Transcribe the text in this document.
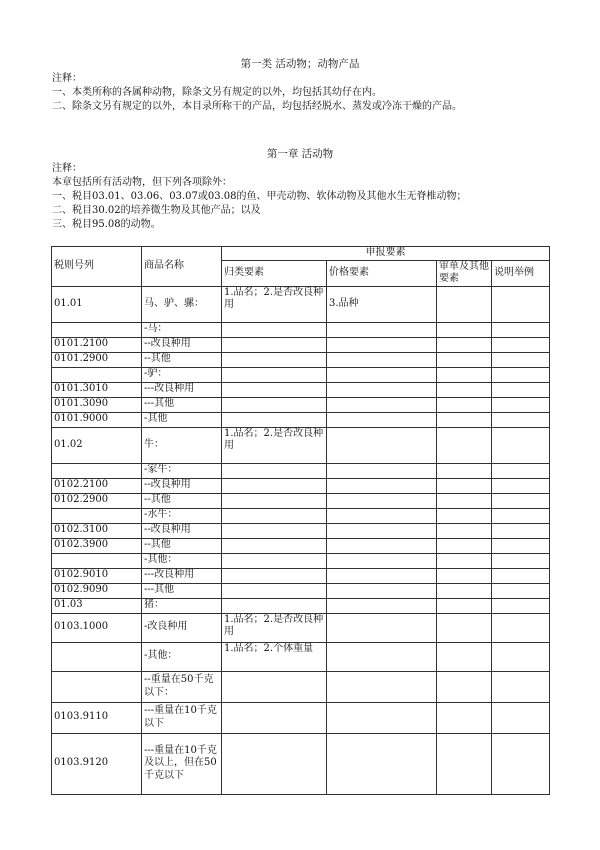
第一类 活动物；动物产品

注释：

一、本类所称的各属种动物，除条文另有规定的以外，均包括其幼仔在内。

二、除条文另有规定的以外，本目录所称干的产品，均包括经脱水、蒸发或冷冻干燥的产品。

第一章 活动物

注释：

本章包括所有活动物，但下列各项除外：

一、税目03.01、03.06、03.07或03.08的鱼、甲壳动物、软体动物及其他水生无脊椎动物；

二、税目30.02的培养微生物及其他产品；以及

三、税目95.08的动物。

税则号列	商品名称	申报要素			
		归类要素	价格要素	审单及其他要素	说明举例
01.01	马、驴、骡：	1.品名；2.是否改良种用	3.品种		
	-马：				
0101.2100	--改良种用				
0101.2900	--其他				
	-驴：				
0101.3010	---改良种用				
0101.3090	---其他				
0101.9000	-其他				
01.02	牛：	1.品名；2.是否改良种用			
	-家牛：				
0102.2100	--改良种用				
0102.2900	--其他				
	-水牛：				
0102.3100	--改良种用				
0102.3900	--其他				
	-其他：				
0102.9010	---改良种用				
0102.9090	---其他				
01.03	猪：				
0103.1000	-改良种用	1.品名；2.是否改良种用			
	-其他：	1.品名；2.个体重量			
	--重量在50千克以下：				
0103.9110	---重量在10千克以下				
0103.9120	---重量在10千克及以上，但在50千克以下				
